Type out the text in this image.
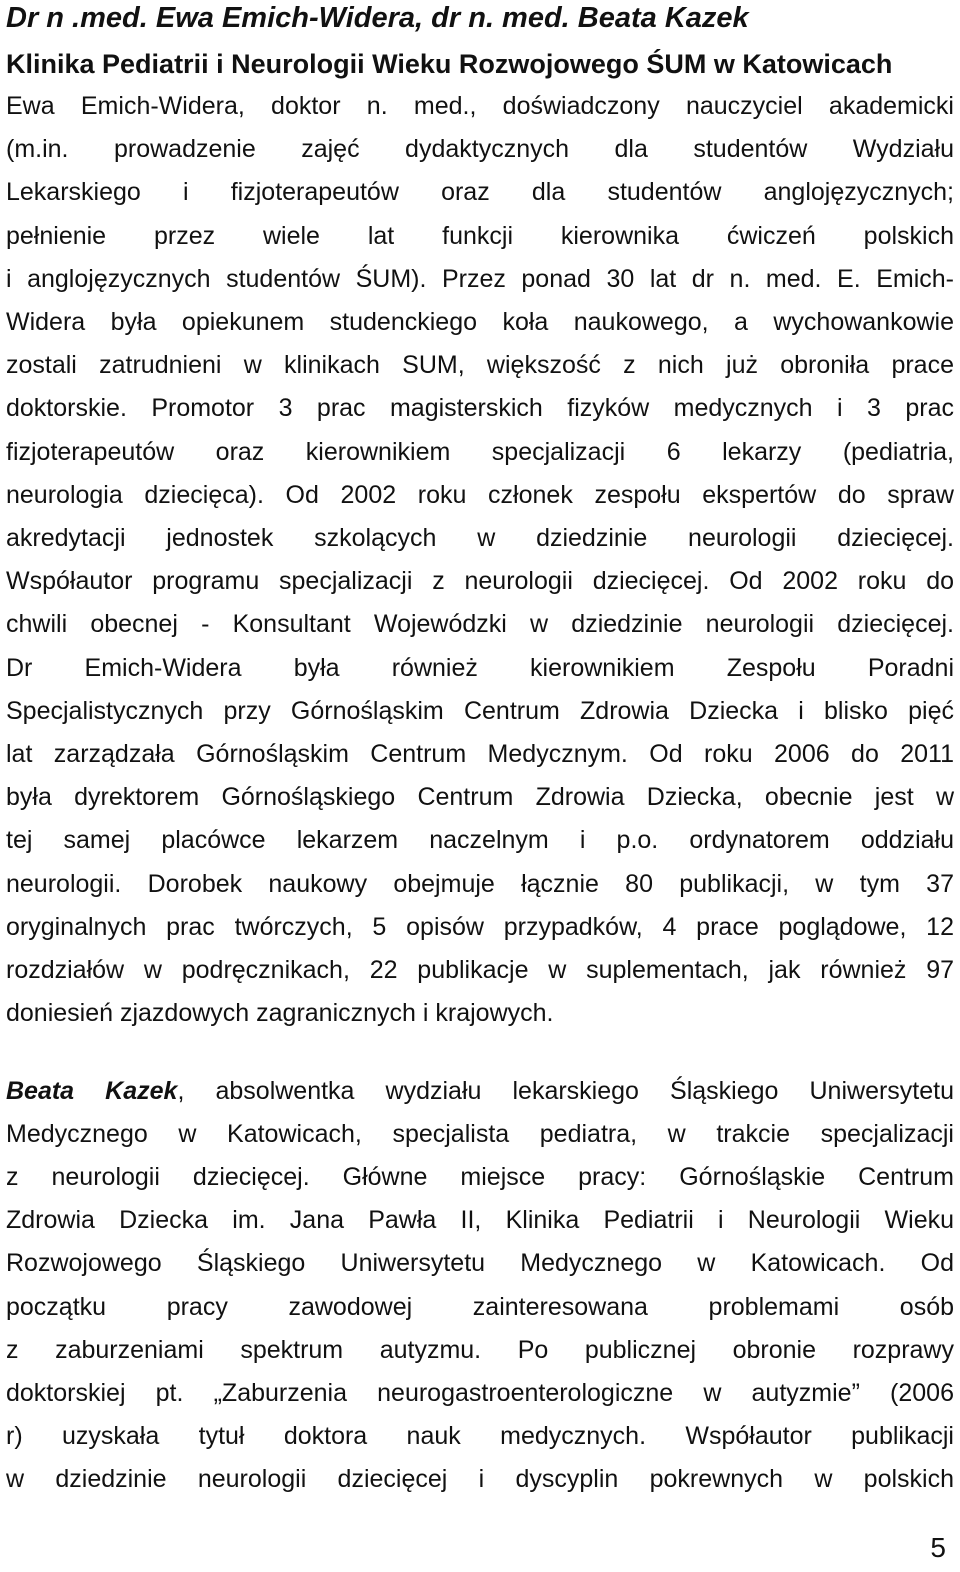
Dr n .med. Ewa Emich-Widera, dr n. med. Beata Kazek
Klinika Pediatrii i Neurologii Wieku Rozwojowego ŚUM w Katowicach
Ewa Emich-Widera, doktor n. med., doświadczony nauczyciel akademicki
(m.in. prowadzenie zajęć dydaktycznych dla studentów Wydziału
Lekarskiego i fizjoterapeutów oraz dla studentów anglojęzycznych;
pełnienie przez wiele lat funkcji kierownika ćwiczeń polskich
i anglojęzycznych studentów ŚUM). Przez ponad 30 lat dr n. med. E. Emich-
Widera była opiekunem studenckiego koła naukowego, a wychowankowie
zostali zatrudnieni w klinikach SUM, większość z nich już obroniła prace
doktorskie. Promotor 3 prac magisterskich fizyków medycznych i 3 prac
fizjoterapeutów oraz kierownikiem specjalizacji 6 lekarzy (pediatria,
neurologia dziecięca). Od 2002 roku członek zespołu ekspertów do spraw
akredytacji jednostek szkolących w dziedzinie neurologii dziecięcej.
Współautor programu specjalizacji z neurologii dziecięcej. Od 2002 roku do
chwili obecnej - Konsultant Wojewódzki w dziedzinie neurologii dziecięcej.
Dr Emich-Widera była również kierownikiem Zespołu Poradni
Specjalistycznych przy Górnośląskim Centrum Zdrowia Dziecka i blisko pięć
lat zarządzała Górnośląskim Centrum Medycznym. Od roku 2006 do 2011
była dyrektorem Górnośląskiego Centrum Zdrowia Dziecka, obecnie jest w
tej samej placówce lekarzem naczelnym i p.o. ordynatorem oddziału
neurologii. Dorobek naukowy obejmuje łącznie 80 publikacji, w tym 37
oryginalnych prac twórczych, 5 opisów przypadków, 4 prace poglądowe, 12
rozdziałów w podręcznikach, 22 publikacje w suplementach, jak również 97
doniesień zjazdowych zagranicznych i krajowych.
Beata Kazek, absolwentka wydziału lekarskiego Śląskiego Uniwersytetu
Medycznego w Katowicach, specjalista pediatra, w trakcie specjalizacji
z neurologii dziecięcej. Główne miejsce pracy: Górnośląskie Centrum
Zdrowia Dziecka im. Jana Pawła II, Klinika Pediatrii i Neurologii Wieku
Rozwojowego Śląskiego Uniwersytetu Medycznego w Katowicach. Od
początku pracy zawodowej zainteresowana problemami osób
z zaburzeniami spektrum autyzmu. Po publicznej obronie rozprawy
doktorskiej pt. „Zaburzenia neurogastroenterologiczne w autyzmie” (2006
r) uzyskała tytuł doktora nauk medycznych. Współautor publikacji
w dziedzinie neurologii dziecięcej i dyscyplin pokrewnych w polskich
5
